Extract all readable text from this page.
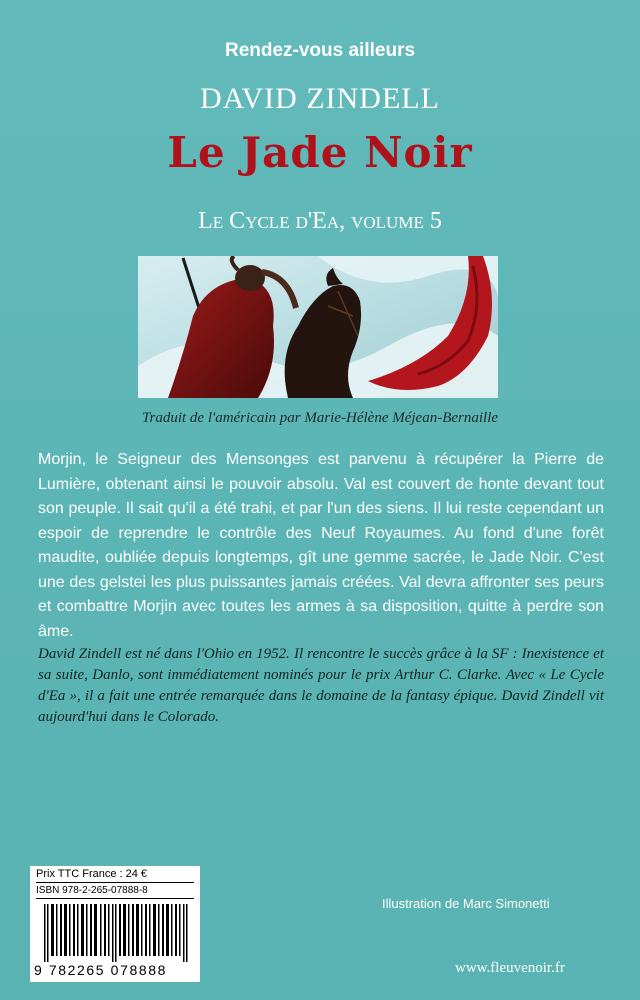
Rendez-vous ailleurs
DAVID ZINDELL
Le Jade Noir
Le Cycle d'Ea, volume 5
Traduit de l'américain par Marie-Hélène Méjean-Bernaille
Morjin, le Seigneur des Mensonges est parvenu à récupérer la Pierre de Lumière, obtenant ainsi le pouvoir absolu. Val est couvert de honte devant tout son peuple. Il sait qu'il a été trahi, et par l'un des siens. Il lui reste cependant un espoir de reprendre le contrôle des Neuf Royaumes. Au fond d'une forêt maudite, oubliée depuis longtemps, gît une gemme sacrée, le Jade Noir. C'est une des gelstei les plus puissantes jamais créées. Val devra affronter ses peurs et combattre Morjin avec toutes les armes à sa disposition, quitte à perdre son âme.
David Zindell est né dans l'Ohio en 1952. Il rencontre le succès grâce à la SF : Inexistence et sa suite, Danlo, sont immédiatement nominés pour le prix Arthur C. Clarke. Avec « Le Cycle d'Ea », il a fait une entrée remarquée dans le domaine de la fantasy épique. David Zindell vit aujourd'hui dans le Colorado.
Prix TTC France : 24 €
ISBN 978-2-265-07888-8
9 782265 078888
Illustration de Marc Simonetti
www.fleuvenoir.fr
